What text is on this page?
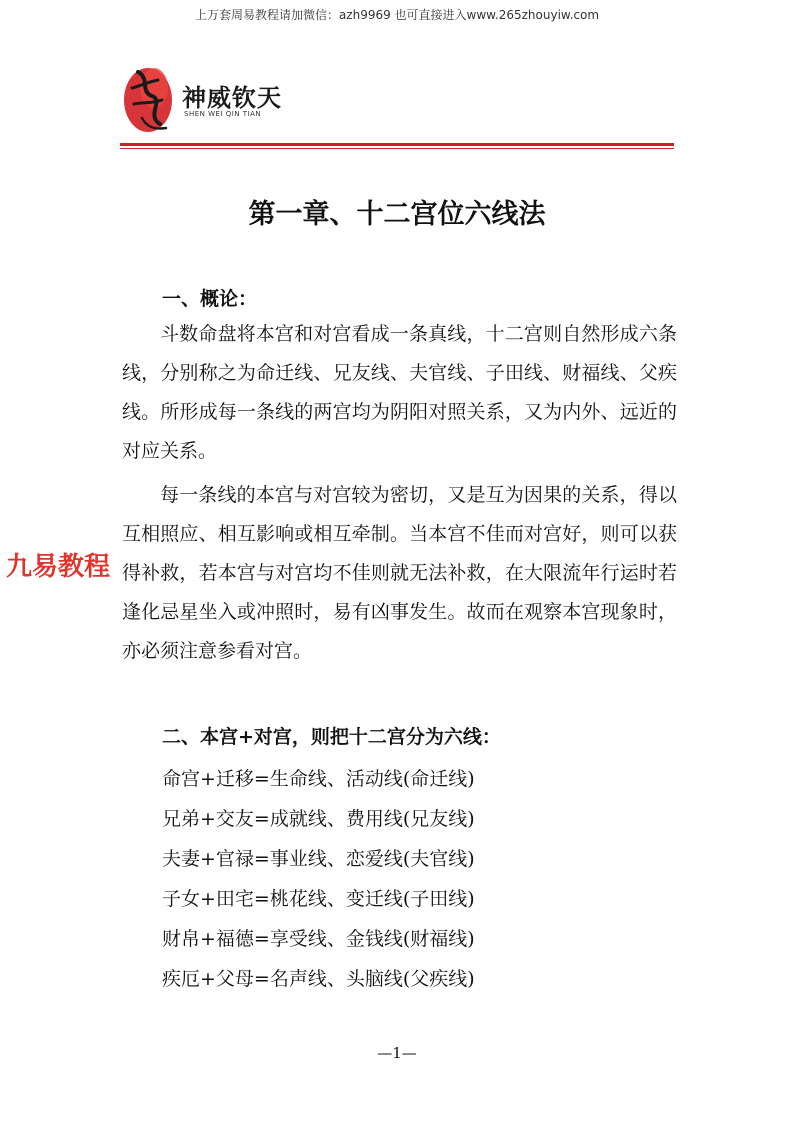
上万套周易教程请加微信：azh9969 也可直接进入www.265zhouyiw.com
神威钦天
SHEN WEI QIN TIAN
第一章、十二宫位六线法
一、概论：
斗数命盘将本宫和对宫看成一条真线，十二宫则自然形成六条线，分别称之为命迁线、兄友线、夫官线、子田线、财福线、父疾线。所形成每一条线的两宫均为阴阳对照关系，又为内外、远近的对应关系。
每一条线的本宫与对宫较为密切，又是互为因果的关系，得以互相照应、相互影响或相互牵制。当本宫不佳而对宫好，则可以获得补救，若本宫与对宫均不佳则就无法补救，在大限流年行运时若逢化忌星坐入或冲照时，易有凶事发生。故而在观察本宫现象时，亦必须注意参看对宫。
九易教程
二、本宫+对宫，则把十二宫分为六线：
命宫+迁移=生命线、活动线(命迁线)
兄弟+交友=成就线、费用线(兄友线)
夫妻+官禄=事业线、恋爱线(夫官线)
子女+田宅=桃花线、变迁线(子田线)
财帛+福德=享受线、金钱线(财福线)
疾厄+父母=名声线、头脑线(父疾线)
—1—
